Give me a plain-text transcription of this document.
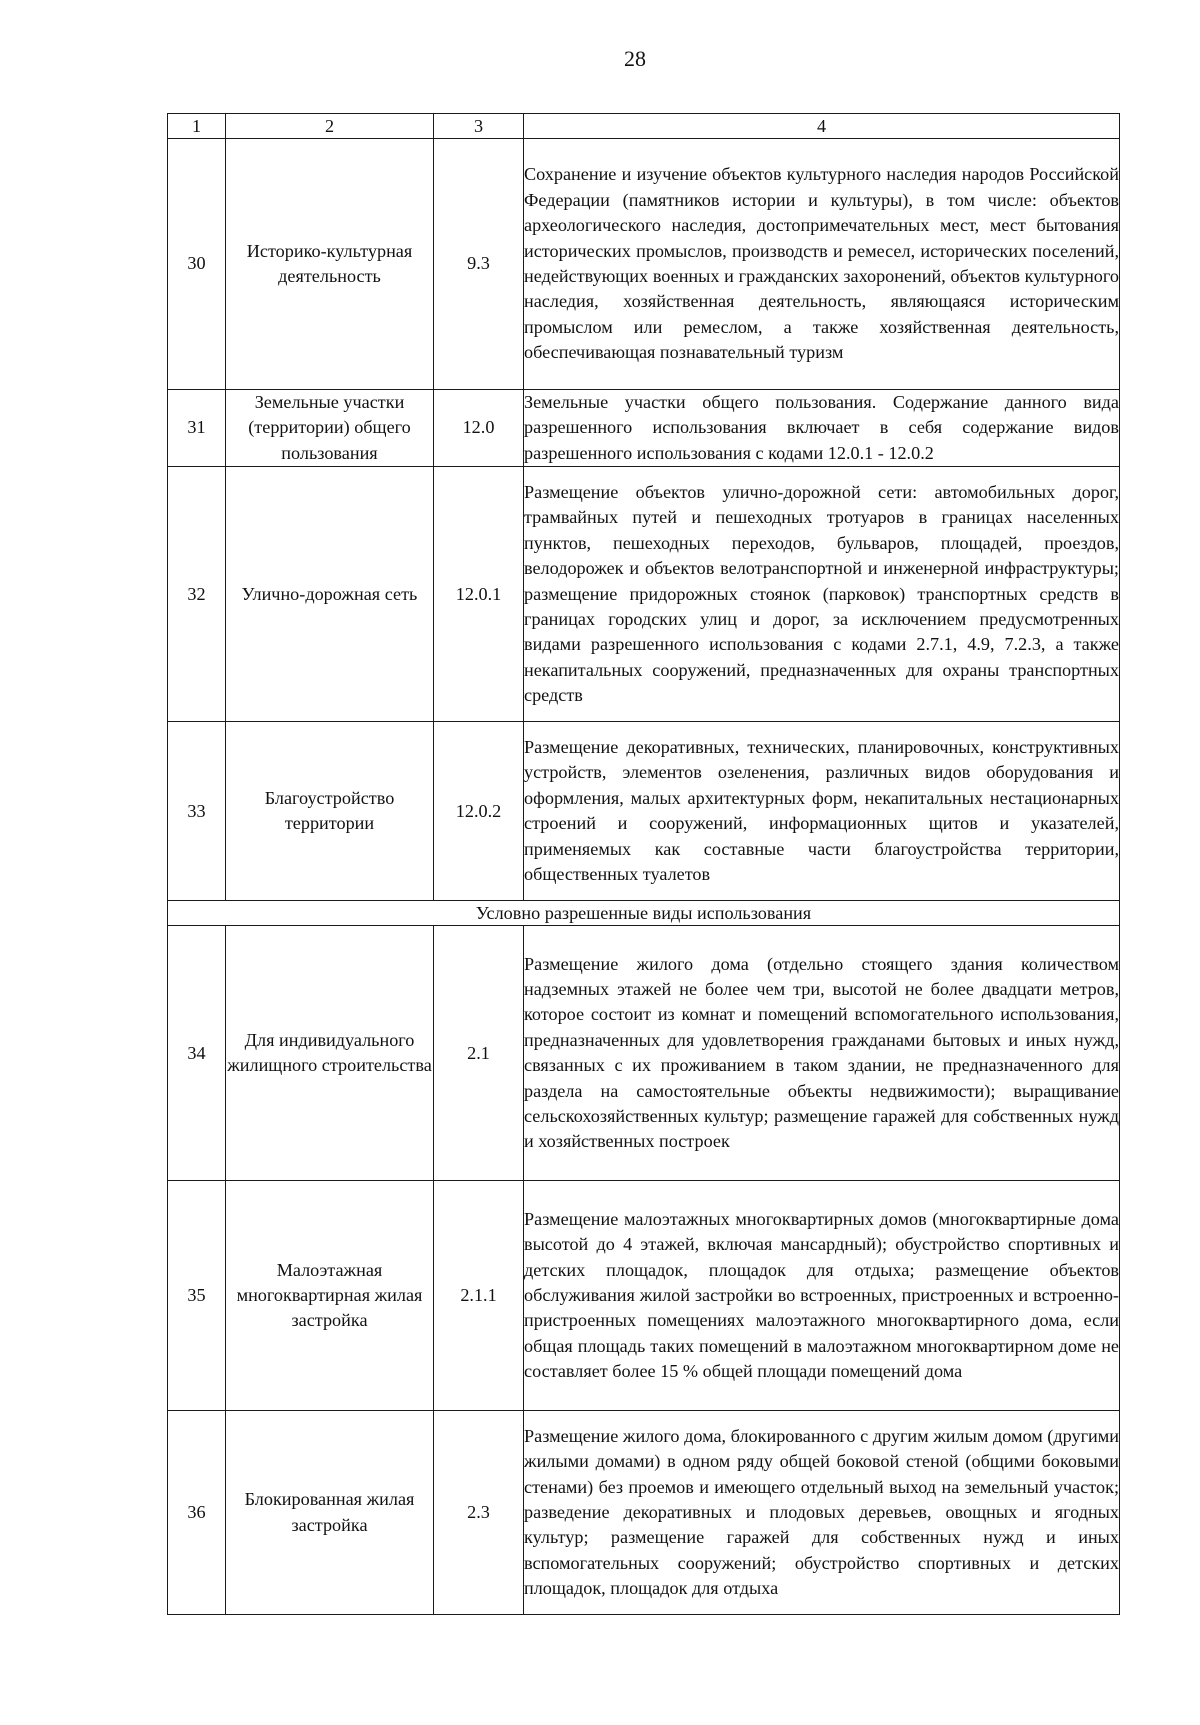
28
1	2	3	4
30	Историко-культурная деятельность	9.3	Сохранение и изучение объектов культурного наследия народов Российской Федерации (памятников истории и культуры), в том числе: объектов археологического наследия, достопримечательных мест, мест бытования исторических промыслов, производств и ремесел, исторических поселений, недействующих военных и гражданских захоронений, объектов культурного наследия, хозяйственная деятельность, являющаяся историческим промыслом или ремеслом, а также хозяйственная деятельность, обеспечивающая познавательный туризм
31	Земельные участки (территории) общего пользования	12.0	Земельные участки общего пользования. Содержание данного вида разрешенного использования включает в себя содержание видов разрешенного использования с кодами 12.0.1 - 12.0.2
32	Улично-дорожная сеть	12.0.1	Размещение объектов улично-дорожной сети: автомобильных дорог, трамвайных путей и пешеходных тротуаров в границах населенных пунктов, пешеходных переходов, бульваров, площадей, проездов, велодорожек и объектов велотранспортной и инженерной инфраструктуры; размещение придорожных стоянок (парковок) транспортных средств в границах городских улиц и дорог, за исключением предусмотренных видами разрешенного использования с кодами 2.7.1, 4.9, 7.2.3, а также некапитальных сооружений, предназначенных для охраны транспортных средств
33	Благоустройство территории	12.0.2	Размещение декоративных, технических, планировочных, конструктивных устройств, элементов озеленения, различных видов оборудования и оформления, малых архитектурных форм, некапитальных нестационарных строений и сооружений, информационных щитов и указателей, применяемых как составные части благоустройства территории, общественных туалетов
Условно разрешенные виды использования			
34	Для индивидуального жилищного строительства	2.1	Размещение жилого дома (отдельно стоящего здания количеством надземных этажей не более чем три, высотой не более двадцати метров, которое состоит из комнат и помещений вспомогательного использования, предназначенных для удовлетворения гражданами бытовых и иных нужд, связанных с их проживанием в таком здании, не предназначенного для раздела на самостоятельные объекты недвижимости); выращивание сельскохозяйственных культур; размещение гаражей для собственных нужд и хозяйственных построек
35	Малоэтажная многоквартирная жилая застройка	2.1.1	Размещение малоэтажных многоквартирных домов (многоквартирные дома высотой до 4 этажей, включая мансардный); обустройство спортивных и детских площадок, площадок для отдыха; размещение объектов обслуживания жилой застройки во встроенных, пристроенных и встроенно-пристроенных помещениях малоэтажного многоквартирного дома, если общая площадь таких помещений в малоэтажном многоквартирном доме не составляет более 15 % общей площади помещений дома
36	Блокированная жилая застройка	2.3	Размещение жилого дома, блокированного с другим жилым домом (другими жилыми домами) в одном ряду общей боковой стеной (общими боковыми стенами) без проемов и имеющего отдельный выход на земельный участок; разведение декоративных и плодовых деревьев, овощных и ягодных культур; размещение гаражей для собственных нужд и иных вспомогательных сооружений; обустройство спортивных и детских площадок, площадок для отдыха
